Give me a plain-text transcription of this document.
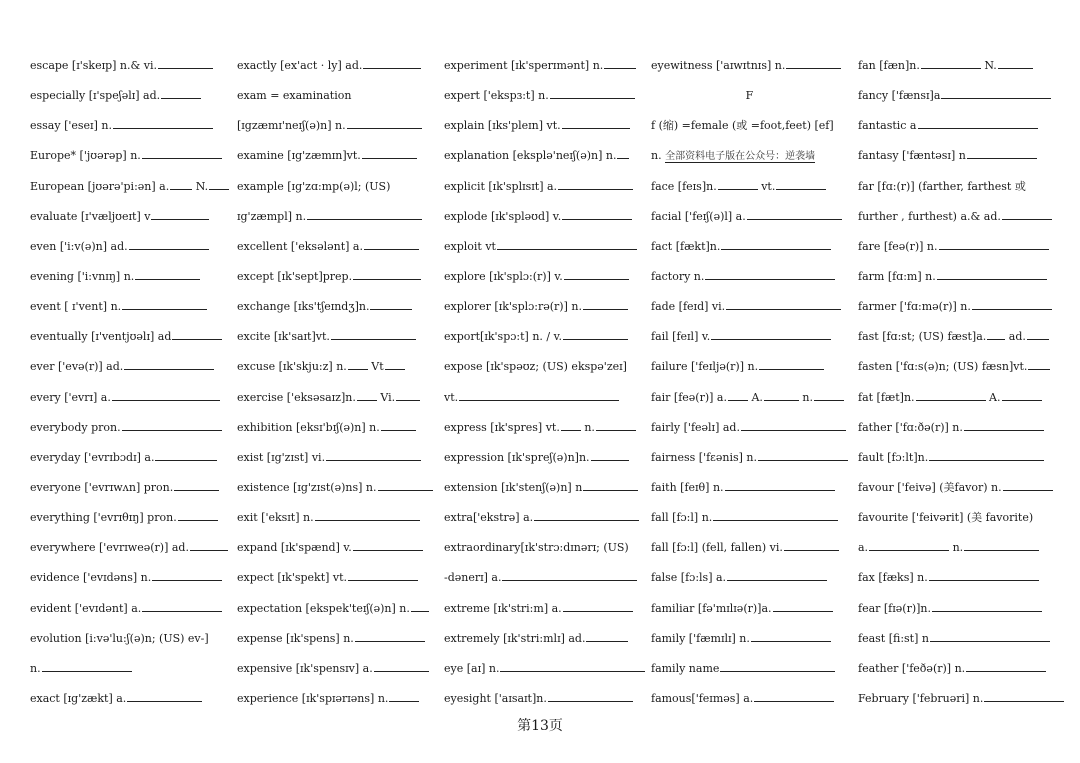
escape [ɪ'skeɪp] n.& vi.
especially [ɪ'speʃəlɪ] ad.
essay ['eseɪ] n.
Europe* ['jʊərəp] n.
European [jʊərə'pi:ən] a. N.
evaluate [ɪ'væljʊeɪt] v
even ['i:v(ə)n] ad.
evening ['i:vnɪŋ] n.
event [ ɪ'vent] n.
eventually [ɪ'ventjʊəlɪ] ad
ever ['evə(r)] ad.
every ['evrɪ] a.
everybody pron.
everyday ['evrɪbɔdɪ] a.
everyone ['evrɪwʌn] pron.
everything ['evrɪθɪŋ] pron.
everywhere ['evrɪweə(r)] ad.
evidence ['evɪdəns] n.
evident ['evɪdənt] a.
evolution [i:və'lu:ʃ(ə)n; (US) ev-]
n.
exact [ɪg'zækt] a.
exactly [ex'act · ly] ad.
exam = examination
[ɪgzæmɪ'neɪʃ(ə)n] n.
examine [ɪg'zæmɪn]vt.
example [ɪg'zɑ:mp(ə)l; (US)
ɪg'zæmpl] n.
excellent ['eksələnt] a.
except [ɪk'sept]prep.
exchange [ɪks'tʃeɪndʒ]n.
excite [ɪk'saɪt]vt.
excuse [ɪk'skju:z] n. Vt
exercise ['eksəsaɪz]n. Vi.
exhibition [eksɪ'bɪʃ(ə)n] n.
exist [ɪg'zɪst] vi.
existence [ɪg'zɪst(ə)ns] n.
exit ['eksɪt] n.
expand [ɪk'spænd] v.
expect [ɪk'spekt] vt.
expectation [ekspek'teɪʃ(ə)n] n.
expense [ɪk'spens] n.
expensive [ɪk'spensɪv] a.
experience [ɪk'spɪərɪəns] n.
experiment [ɪk'sperɪmənt] n.
expert ['ekspɜ:t] n.
explain [ɪks'pleɪn] vt.
explanation [eksplə'neɪʃ(ə)n] n.
explicit [ɪk'splɪsɪt] a.
explode [ɪk'spləʊd] v.
exploit vt
explore [ɪk'splɔ:(r)] v.
explorer [ɪk'splɔ:rə(r)] n.
export[ɪk'spɔ:t] n. / v.
expose [ɪk'spəʊz; (US) ekspə'zeɪ]
vt.
express [ɪk'spres] vt. n.
expression [ɪk'spreʃ(ə)n]n.
extension [ɪk'stenʃ(ə)n] n
extra['ekstrə] a.
extraordinary[ɪk'strɔ:dɪnərɪ; (US)
-dənerɪ] a.
extreme [ɪk'stri:m] a.
extremely [ɪk'stri:mlɪ] ad.
eye [aɪ] n.
eyesight ['aɪsaɪt]n.
eyewitness ['aɪwɪtnɪs] n.
F
f (缩) =female (或 =foot,feet) [ef]
n. 全部资料电子版在公众号：逆袭墙
face [feɪs]n.	vt.
facial ['feɪʃ(ə)l] a.
fact [fækt]n.
factory n.
fade [feɪd] vi.
fail [feɪl] v.
failure ['feɪljə(r)] n.
fair [feə(r)] a. A.	n.
fairly ['feəlɪ] ad.
fairness ['fɛənis] n.
faith [feɪθ] n.
fall [fɔ:l] n.
fall [fɔ:l] (fell, fallen) vi.
false [fɔ:ls] a.
familiar [fə'mɪlɪə(r)]a.
family ['fæmɪlɪ] n.
family name
famous['feɪməs] a.
fan [fæn]n.	N.
fancy ['fænsɪ]a
fantastic a
fantasy ['fæntəsɪ] n
far [fɑ:(r)] (farther, farthest 或
further , furthest) a.& ad.
fare [feə(r)] n.
farm [fɑ:m] n.
farmer ['fɑ:mə(r)] n.
fast [fɑ:st; (US) fæst]a. ad.
fasten ['fɑ:s(ə)n; (US) fæsn]vt.
fat [fæt]n.	A.
father ['fɑ:ðə(r)] n.
fault [fɔ:lt]n.
favour ['feivə] (美favor) n.
favourite ['feivərit] (美 favorite)
a.	n.
fax [fæks] n.
fear [fɪə(r)]n.
feast [fi:st] n
feather ['feðə(r)] n.
February ['februəri] n.
第13页
